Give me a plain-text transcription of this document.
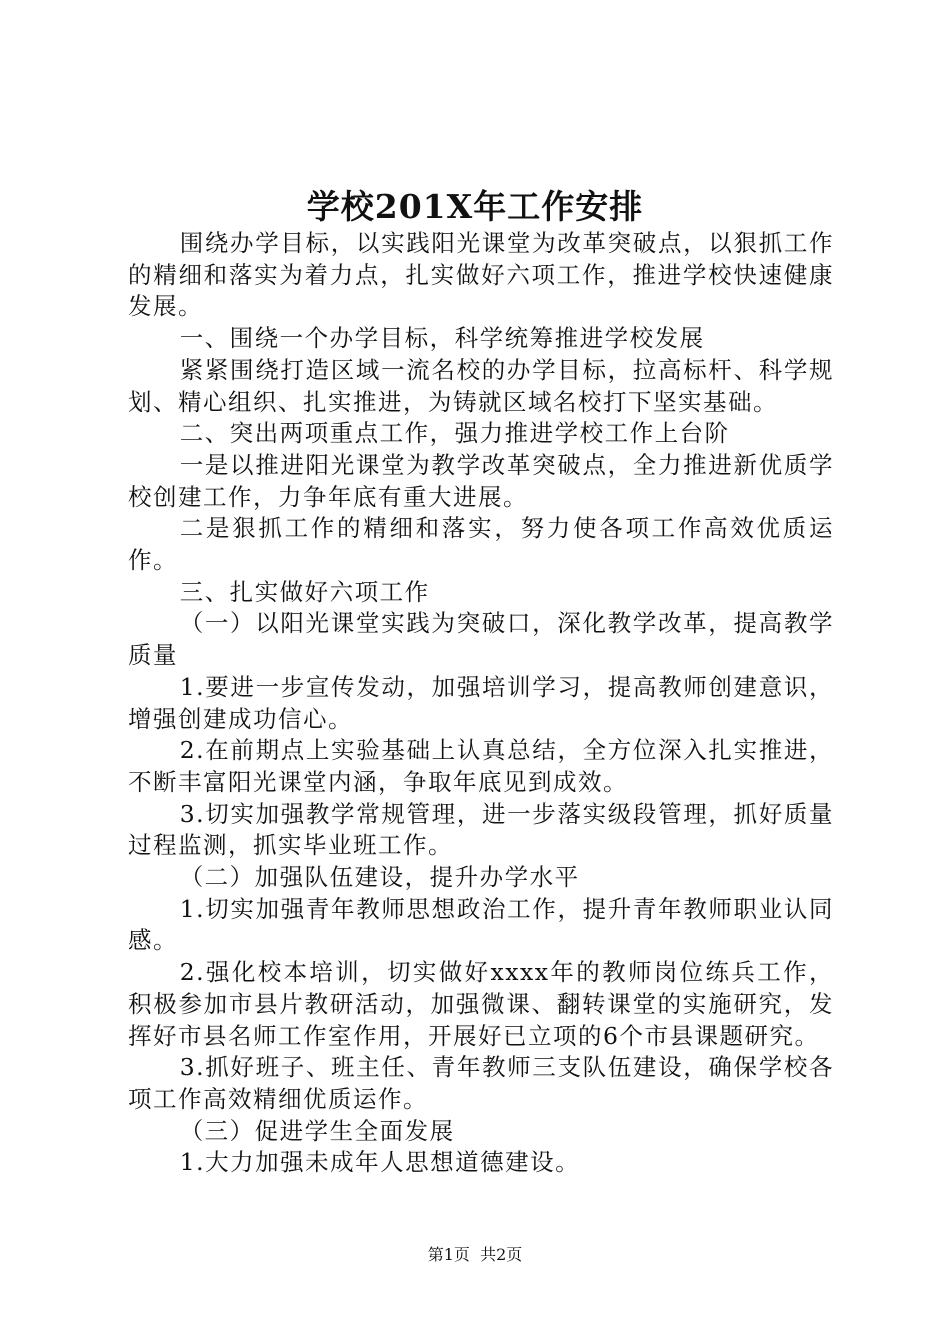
学校201X年工作安排

围绕办学目标，以实践阳光课堂为改革突破点，以狠抓工作的精细和落实为着力点，扎实做好六项工作，推进学校快速健康发展。

一、围绕一个办学目标，科学统筹推进学校发展

紧紧围绕打造区域一流名校的办学目标，拉高标杆、科学规划、精心组织、扎实推进，为铸就区域名校打下坚实基础。

二、突出两项重点工作，强力推进学校工作上台阶

一是以推进阳光课堂为教学改革突破点，全力推进新优质学校创建工作，力争年底有重大进展。

二是狠抓工作的精细和落实，努力使各项工作高效优质运作。

三、扎实做好六项工作

（一）以阳光课堂实践为突破口，深化教学改革，提高教学质量

1.要进一步宣传发动，加强培训学习，提高教师创建意识，增强创建成功信心。

2.在前期点上实验基础上认真总结，全方位深入扎实推进，不断丰富阳光课堂内涵，争取年底见到成效。

3.切实加强教学常规管理，进一步落实级段管理，抓好质量过程监测，抓实毕业班工作。

（二）加强队伍建设，提升办学水平

1.切实加强青年教师思想政治工作，提升青年教师职业认同感。

2.强化校本培训，切实做好xxxx年的教师岗位练兵工作，积极参加市县片教研活动，加强微课、翻转课堂的实施研究，发挥好市县名师工作室作用，开展好已立项的6个市县课题研究。

3.抓好班子、班主任、青年教师三支队伍建设，确保学校各项工作高效精细优质运作。

（三）促进学生全面发展

1.大力加强未成年人思想道德建设。

第1页  共2页
